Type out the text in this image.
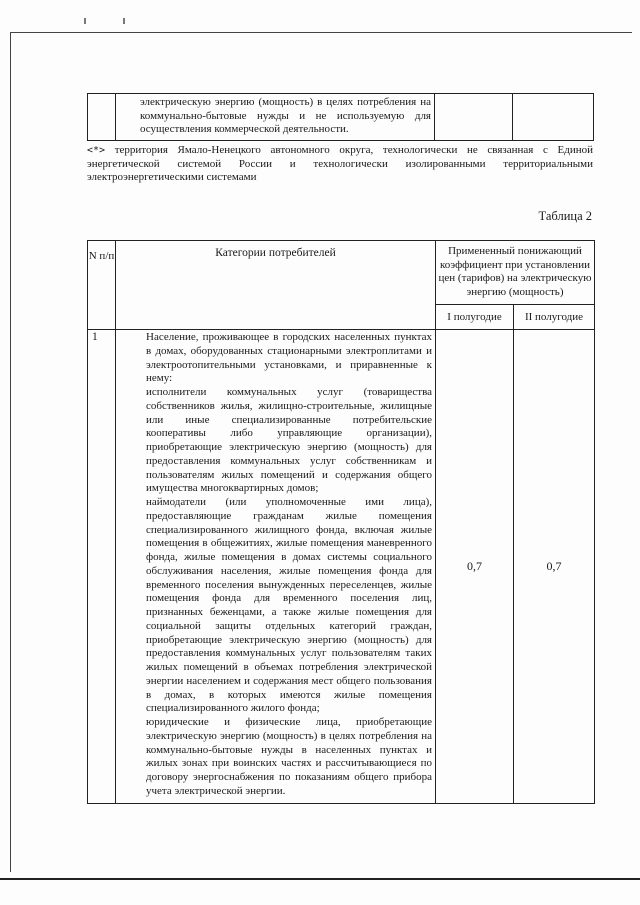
электрическую энергию (мощность) в целях потребления на коммунально-бытовые нужды и не используемую для осуществления коммерческой деятельности.

<*> территория Ямало-Ненецкого автономного округа, технологически не связанная с Единой энергетической системой России и технологически изолированными территориальными электроэнергетическими системами
Таблица 2
N п/п	Категории потребителей	Примененный понижающий коэффициент при установлении цен (тарифов) на электрическую энергию (мощность)	
		I полугодие	II полугодие
1	Население, проживающее в городских населенных пунктах в домах, оборудованных стационарными электроплитами и электроотопительными установками, и приравненные к нему:

исполнители коммунальных услуг (товарищества собственников жилья, жилищно-строительные, жилищные или иные специализированные потребительские кооперативы либо управляющие организации), приобретающие электрическую энергию (мощность) для предоставления коммунальных услуг собственникам и пользователям жилых помещений и содержания общего имущества многоквартирных домов;

наймодатели (или уполномоченные ими лица), предоставляющие гражданам жилые помещения специализированного жилищного фонда, включая жилые помещения в общежитиях, жилые помещения маневренного фонда, жилые помещения в домах системы социального обслуживания населения, жилые помещения фонда для временного поселения вынужденных переселенцев, жилые помещения фонда для временного поселения лиц, признанных беженцами, а также жилые помещения для социальной защиты отдельных категорий граждан, приобретающие электрическую энергию (мощность) для предоставления коммунальных услуг пользователям таких жилых помещений в объемах потребления электрической энергии населением и содержания мест общего пользования в домах, в которых имеются жилые помещения специализированного жилого фонда;

юридические и физические лица, приобретающие электрическую энергию (мощность) в целях потребления на коммунально-бытовые нужды в населенных пунктах и жилых зонах при воинских частях и рассчитывающиеся по договору энергоснабжения по показаниям общего прибора учета электрической энергии.	0,7	0,7
